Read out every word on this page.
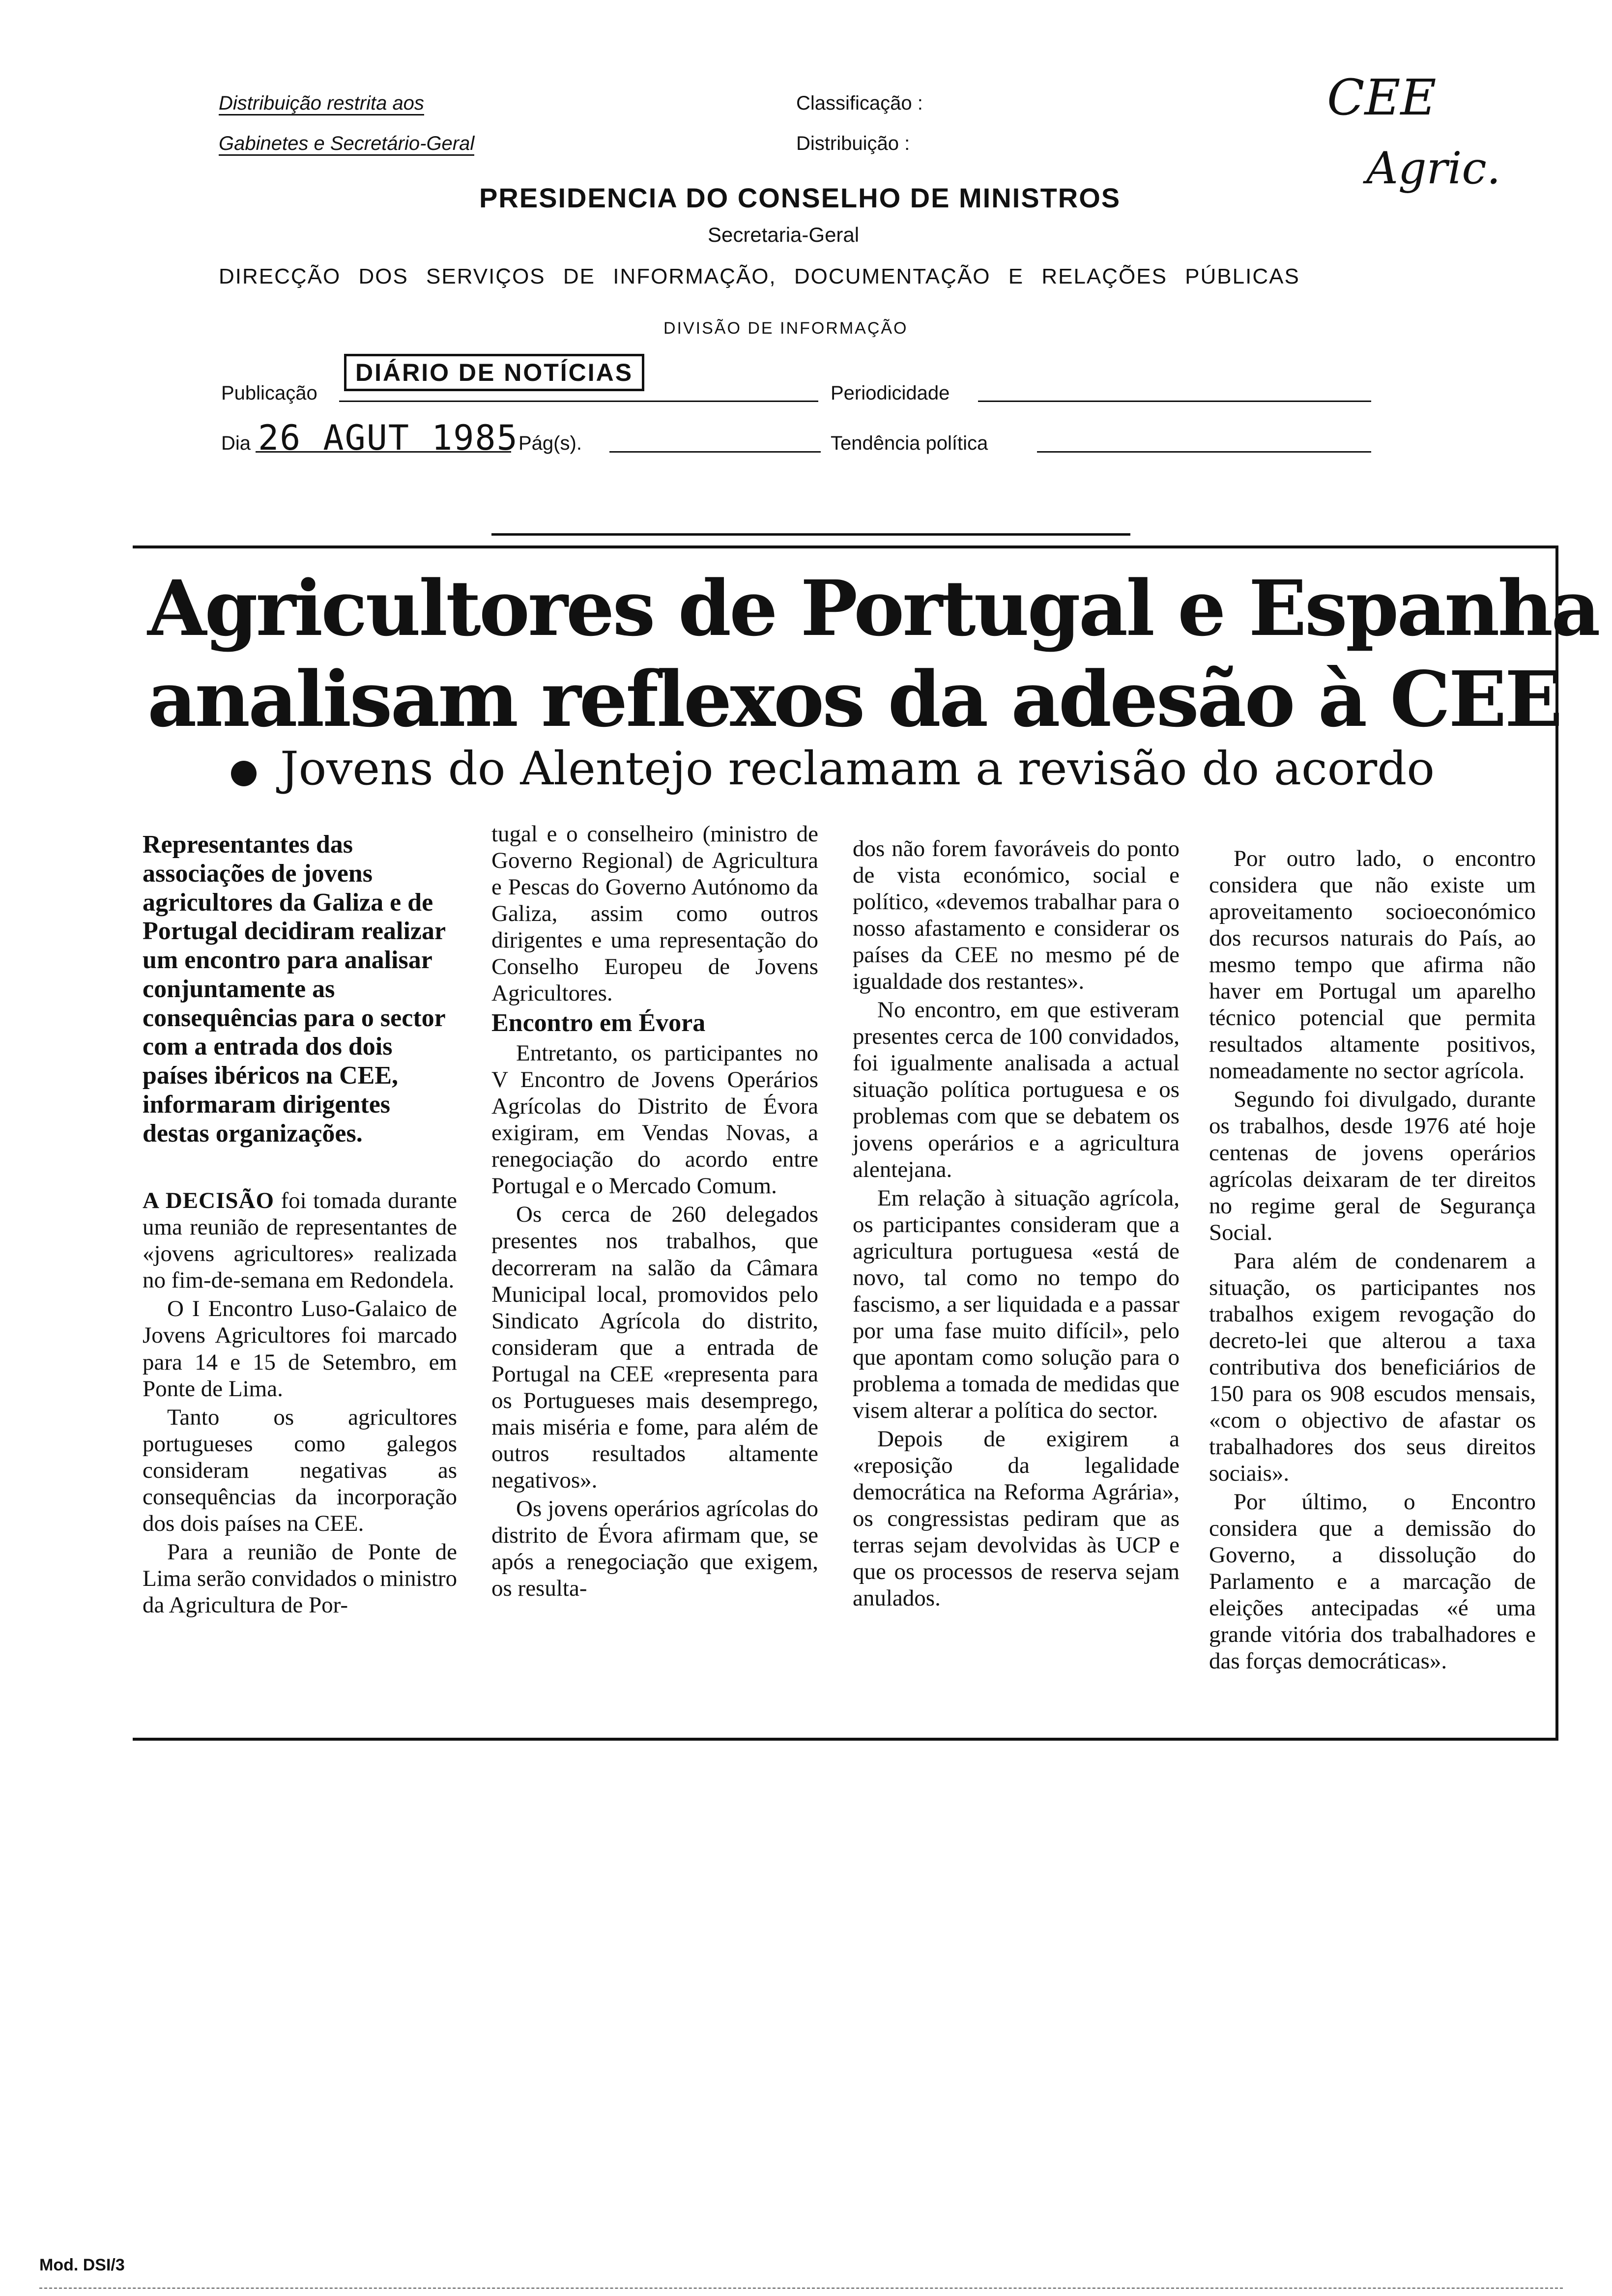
Distribuição restrita aos
Gabinetes e Secretário-Geral
Classificação :
Distribuição :
CEE
Agric.
PRESIDENCIA DO CONSELHO DE MINISTROS
Secretaria-Geral
DIRECÇÃO DOS SERVIÇOS DE INFORMAÇÃO, DOCUMENTAÇÃO E RELAÇÕES PÚBLICAS
DIVISÃO DE INFORMAÇÃO
Publicação
DIÁRIO DE NOTÍCIAS
Periodicidade
Dia 26 AGUT 1985 Pág(s).	Tendência política
Agricultores de Portugal e Espanha
analisam reflexos da adesão à CEE
Jovens do Alentejo reclamam a revisão do acordo
Representantes das associações de jovens agricultores da Galiza e de Portugal decidiram realizar um encontro para analisar conjuntamente as consequências para o sector com a entrada dos dois países ibéricos na CEE, informaram dirigentes destas organizações.

A DECISÃO foi tomada durante uma reunião de representantes de «jovens agricultores» realizada no fim-de-semana em Redondela.

O I Encontro Luso-Galaico de Jovens Agricultores foi marcado para 14 e 15 de Setembro, em Ponte de Lima.

Tanto os agricultores portugueses como galegos consideram negativas as consequências da incorporação dos dois países na CEE.

Para a reunião de Ponte de Lima serão convidados o ministro da Agricultura de Por-

tugal e o conselheiro (ministro de Governo Regional) de Agricultura e Pescas do Governo Autónomo da Galiza, assim como outros dirigentes e uma representação do Conselho Europeu de Jovens Agricultores.

Encontro em Évora

Entretanto, os participantes no V Encontro de Jovens Operários Agrícolas do Distrito de Évora exigiram, em Vendas Novas, a renegociação do acordo entre Portugal e o Mercado Comum.

Os cerca de 260 delegados presentes nos trabalhos, que decorreram na salão da Câmara Municipal local, promovidos pelo Sindicato Agrícola do distrito, consideram que a entrada de Portugal na CEE «representa para os Portugueses mais desemprego, mais miséria e fome, para além de outros resultados altamente negativos».

Os jovens operários agrícolas do distrito de Évora afirmam que, se após a renegociação que exigem, os resulta-

dos não forem favoráveis do ponto de vista económico, social e político, «devemos trabalhar para o nosso afastamento e considerar os países da CEE no mesmo pé de igualdade dos restantes».

No encontro, em que estiveram presentes cerca de 100 convidados, foi igualmente analisada a actual situação política portuguesa e os problemas com que se debatem os jovens operários e a agricultura alentejana.

Em relação à situação agrícola, os participantes consideram que a agricultura portuguesa «está de novo, tal como no tempo do fascismo, a ser liquidada e a passar por uma fase muito difícil», pelo que apontam como solução para o problema a tomada de medidas que visem alterar a política do sector.

Depois de exigirem a «reposição da legalidade democrática na Reforma Agrária», os congressistas pediram que as terras sejam devolvidas às UCP e que os processos de reserva sejam anulados.

Por outro lado, o encontro considera que não existe um aproveitamento socioeconómico dos recursos naturais do País, ao mesmo tempo que afirma não haver em Portugal um aparelho técnico potencial que permita resultados altamente positivos, nomeadamente no sector agrícola.

Segundo foi divulgado, durante os trabalhos, desde 1976 até hoje centenas de jovens operários agrícolas deixaram de ter direitos no regime geral de Segurança Social.

Para além de condenarem a situação, os participantes nos trabalhos exigem revogação do decreto-lei que alterou a taxa contributiva dos beneficiários de 150 para os 908 escudos mensais, «com o objectivo de afastar os trabalhadores dos seus direitos sociais».

Por último, o Encontro considera que a demissão do Governo, a dissolução do Parlamento e a marcação de eleições antecipadas «é uma grande vitória dos trabalhadores e das forças democráticas».

Mod. DSI/3
